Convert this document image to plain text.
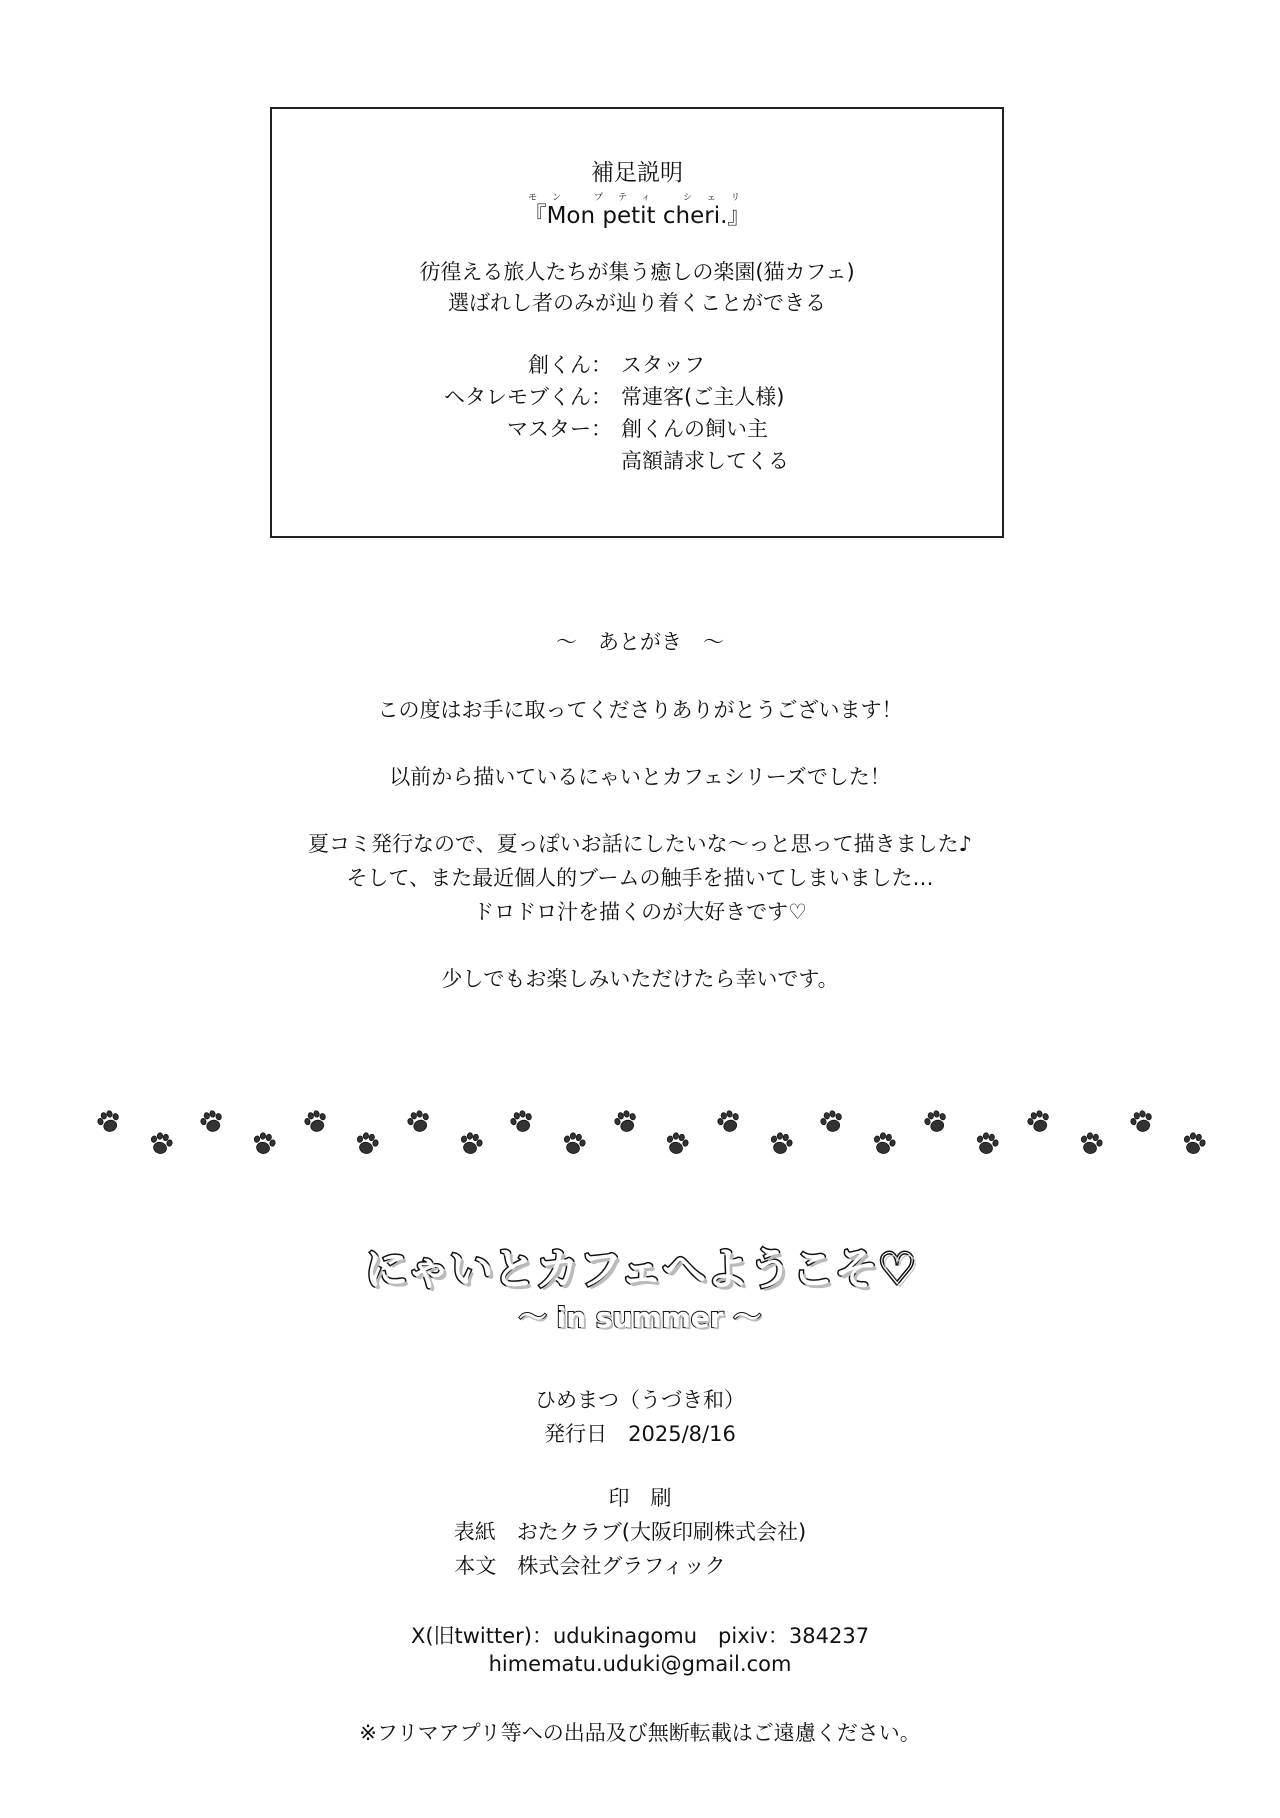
補足説明
『Mon petit cheri.』モン プティ シェリ
彷徨える旅人たちが集う癒しの楽園(猫カフェ)
選ばれし者のみが辿り着くことができる
創くん： スタッフ
ヘタレモブくん： 常連客(ご主人様)
マスター： 創くんの飼い主
高額請求してくる
〜　あとがき　〜
この度はお手に取ってくださりありがとうございます！
以前から描いているにゃいとカフェシリーズでした！
夏コミ発行なので、夏っぽいお話にしたいな〜っと思って描きました♪
そして、また最近個人的ブームの触手を描いてしまいました…
ドロドロ汁を描くのが大好きです♡
少しでもお楽しみいただけたら幸いです。
にゃいとカフェへようこそ♡
〜 in summer 〜
ひめまつ（うづき和）
発行日　 2025/8/16
印　刷
表紙　 おたクラブ(大阪印刷株式会社)
本文　 株式会社グラフィック
X(旧twitter)：udukinagomu　pixiv：384237
himematu.uduki@gmail.com
※フリマアプリ等への出品及び無断転載はご遠慮ください。
